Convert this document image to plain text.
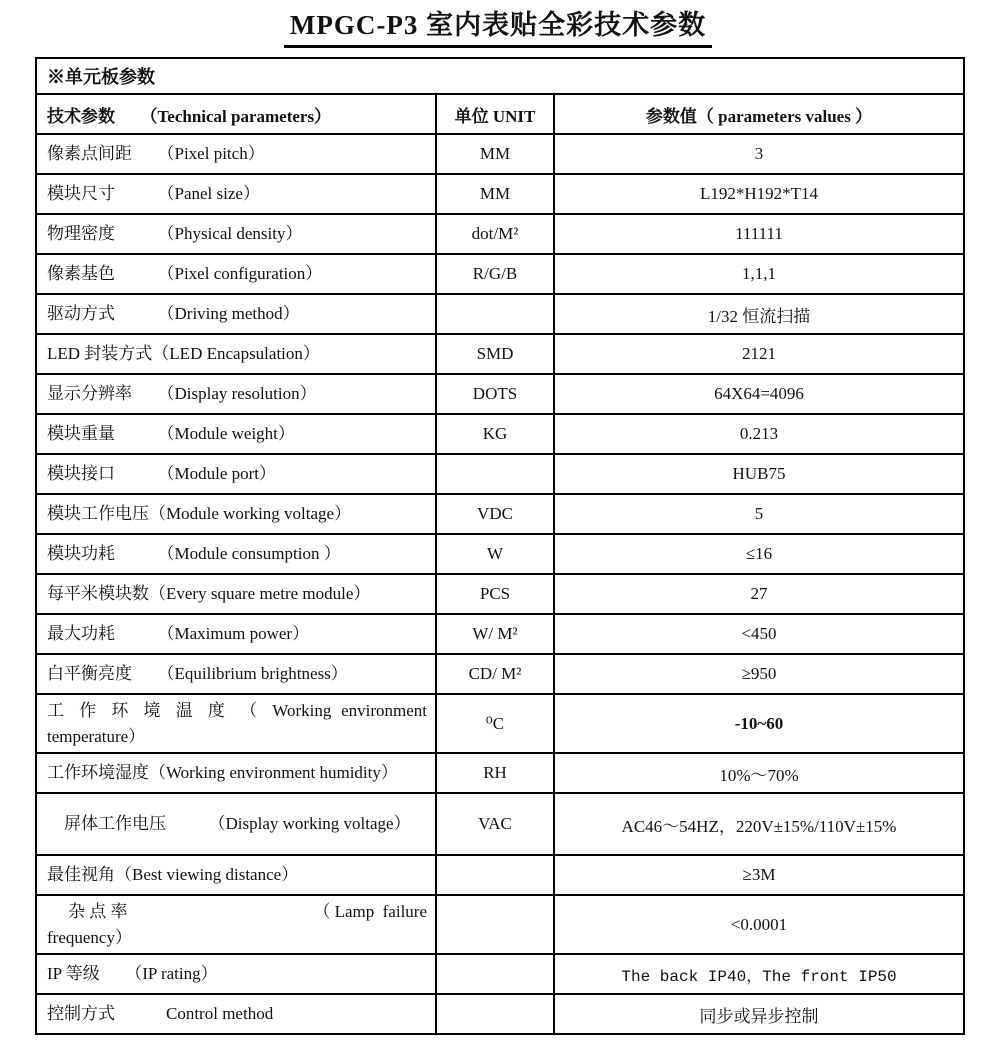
MPGC-P3 室内表贴全彩技术参数
※单元板参数		
技术参数　　（Technical parameters）	单位 UNIT	参数值（ parameters values ）
像素点间距　　（Pixel pitch）	MM	3
模块尺寸　　　（Panel size）	MM	L192*H192*T14
物理密度　　　（Physical density）	dot/M²	111111
像素基色　　　（Pixel configuration）	R/G/B	1,1,1
驱动方式　　　（Driving method）		1/32 恒流扫描
LED 封装方式（LED Encapsulation）	SMD	2121
显示分辨率　　（Display resolution）	DOTS	64X64=4096
模块重量　　　（Module weight）	KG	0.213
模块接口　　　（Module port）		HUB75
模块工作电压（Module working voltage）	VDC	5
模块功耗　　　（Module consumption ）	W	≤16
每平米模块数（Every square metre module）	PCS	27
最大功耗　　　（Maximum power）	W/ M²	<450
白平衡亮度　　（Equilibrium brightness）	CD/ M²	≥950
工 作 环 境 温 度 （ Working environment temperature）	⁰C	-10~60
工作环境湿度（Working environment humidity）	RH	10%～70%
　屏体工作电压　　　（Display working voltage）	VAC	AC46～54HZ，220V±15%/110V±15%
最佳视角（Best viewing distance）		≥3M
　杂点率　　　　　　　　　（Lamp failure frequency）		<0.0001
IP 等级　　（IP rating）		The back IP40，The front IP50
控制方式　　　Control method		同步或异步控制
